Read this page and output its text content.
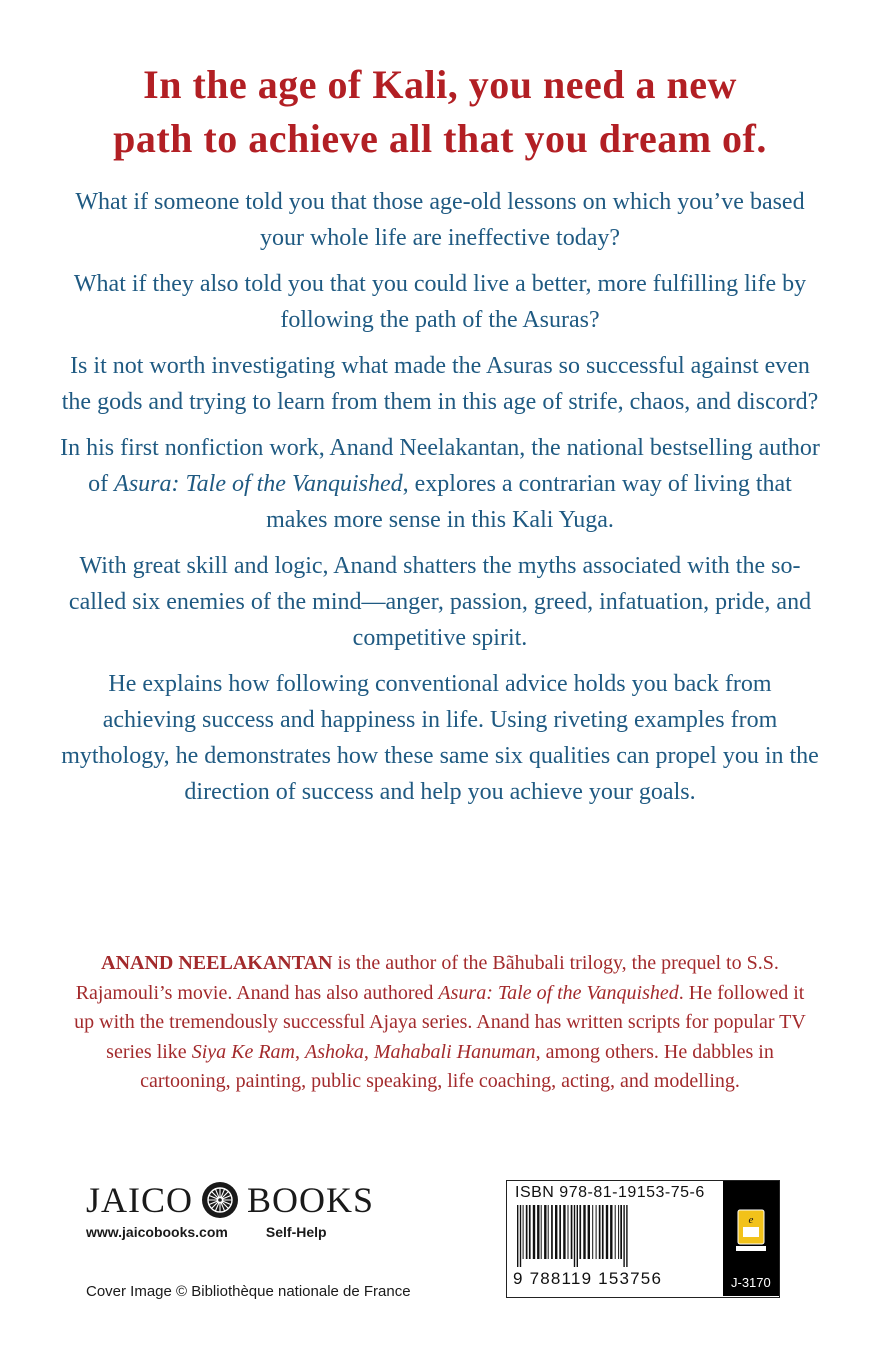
In the age of Kali, you need a new
path to achieve all that you dream of.

What if someone told you that those age-old lessons on which you’ve based your whole life are ineffective today?

What if they also told you that you could live a better, more fulfilling life by following the path of the Asuras?

Is it not worth investigating what made the Asuras so successful against even the gods and trying to learn from them in this age of strife, chaos, and discord?

In his first nonfiction work, Anand Neelakantan, the national bestselling author of Asura: Tale of the Vanquished, explores a contrarian way of living that makes more sense in this Kali Yuga.

With great skill and logic, Anand shatters the myths associated with the so-called six enemies of the mind—anger, passion, greed, infatuation, pride, and competitive spirit.

He explains how following conventional advice holds you back from achieving success and happiness in life. Using riveting examples from mythology, he demonstrates how these same six qualities can propel you in the direction of success and help you achieve your goals.

ANAND NEELAKANTAN is the author of the Bãhubali trilogy, the prequel to S.S. Rajamouli’s movie. Anand has also authored Asura: Tale of the Vanquished. He followed it up with the tremendously successful Ajaya series. Anand has written scripts for popular TV series like Siya Ke Ram, Ashoka, Mahabali Hanuman, among others. He dabbles in cartooning, painting, public speaking, life coaching, acting, and modelling.

JAICO BOOKS
www.jaicobooks.com	Self-Help
Cover Image © Bibliothèque nationale de France
ISBN 978-81-19153-75-6
9 788119 153756
e
J-3170
